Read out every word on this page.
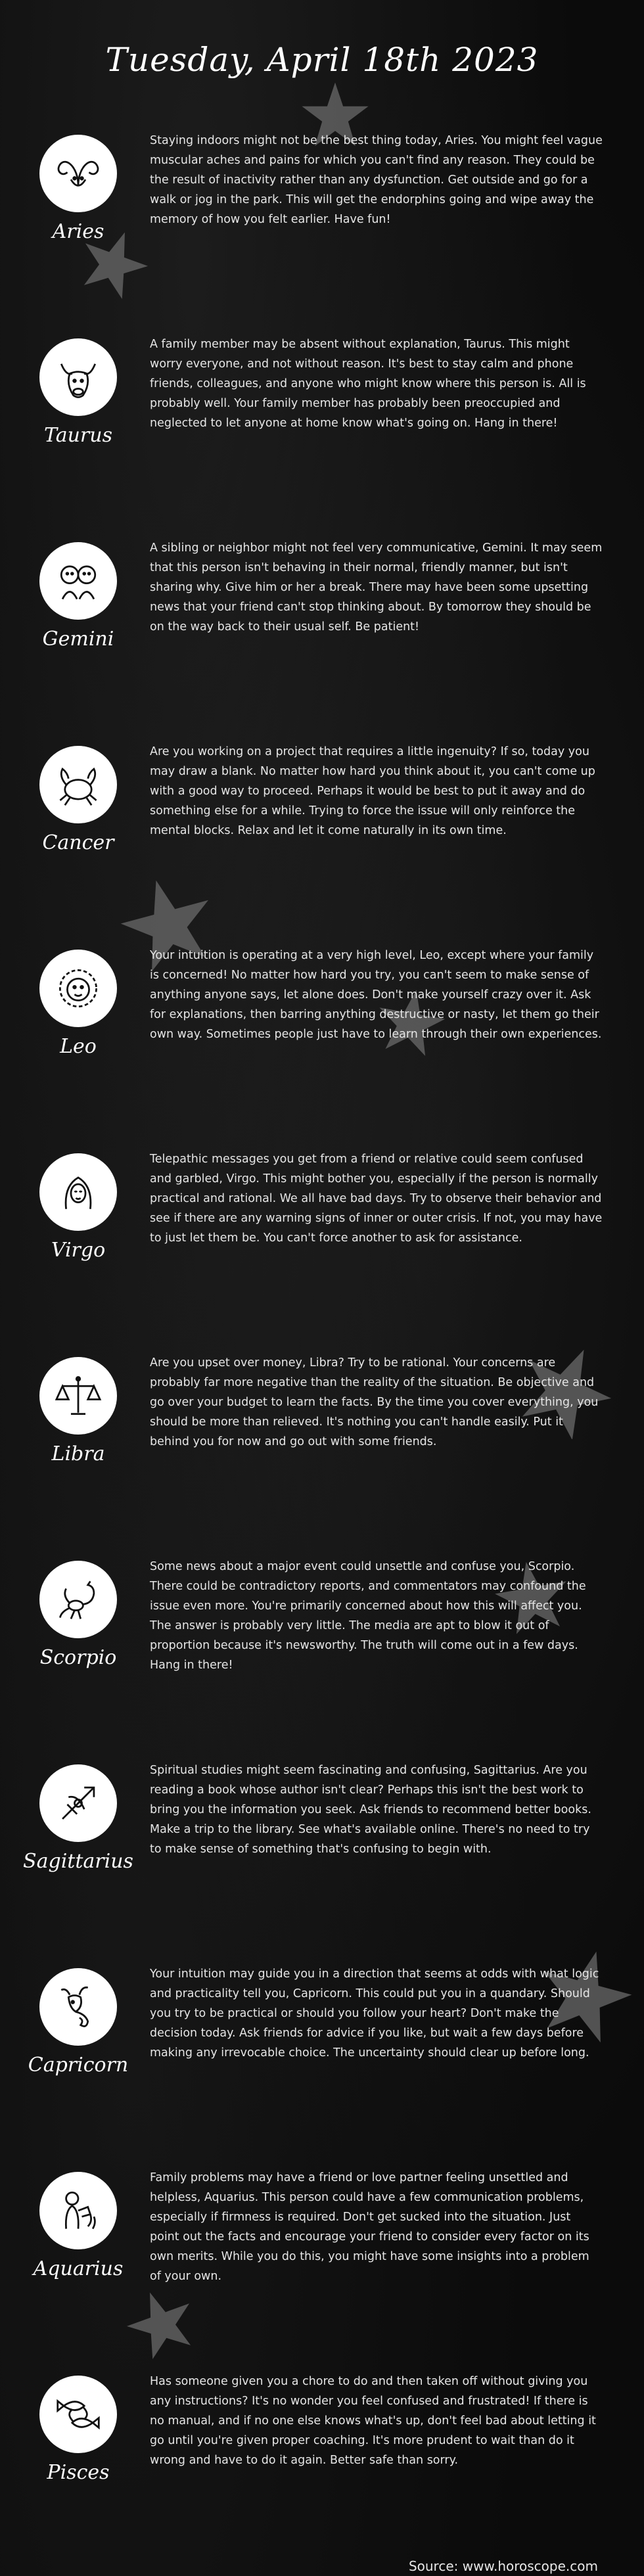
Tuesday, April 18th 2023
Aries
Staying indoors might not be the best thing today, Aries. You might feel vague muscular aches and pains for which you can't find any reason. They could be the result of inactivity rather than any dysfunction. Get outside and go for a walk or jog in the park. This will get the endorphins going and wipe away the memory of how you felt earlier. Have fun!
Taurus
A family member may be absent without explanation, Taurus. This might worry everyone, and not without reason. It's best to stay calm and phone friends, colleagues, and anyone who might know where this person is. All is probably well. Your family member has probably been preoccupied and neglected to let anyone at home know what's going on. Hang in there!
Gemini
A sibling or neighbor might not feel very communicative, Gemini. It may seem that this person isn't behaving in their normal, friendly manner, but isn't sharing why. Give him or her a break. There may have been some upsetting news that your friend can't stop thinking about. By tomorrow they should be on the way back to their usual self. Be patient!
Cancer
Are you working on a project that requires a little ingenuity? If so, today you may draw a blank. No matter how hard you think about it, you can't come up with a good way to proceed. Perhaps it would be best to put it away and do something else for a while. Trying to force the issue will only reinforce the mental blocks. Relax and let it come naturally in its own time.
Leo
Your intuition is operating at a very high level, Leo, except where your family is concerned! No matter how hard you try, you can't seem to make sense of anything anyone says, let alone does. Don't make yourself crazy over it. Ask for explanations, then barring anything destructive or nasty, let them go their own way. Sometimes people just have to learn through their own experiences.
Virgo
Telepathic messages you get from a friend or relative could seem confused and garbled, Virgo. This might bother you, especially if the person is normally practical and rational. We all have bad days. Try to observe their behavior and see if there are any warning signs of inner or outer crisis. If not, you may have to just let them be. You can't force another to ask for assistance.
Libra
Are you upset over money, Libra? Try to be rational. Your concerns are probably far more negative than the reality of the situation. Be objective and go over your budget to learn the facts. By the time you cover everything, you should be more than relieved. It's nothing you can't handle easily. Put it behind you for now and go out with some friends.
Scorpio
Some news about a major event could unsettle and confuse you, Scorpio. There could be contradictory reports, and commentators may confound the issue even more. You're primarily concerned about how this will affect you. The answer is probably very little. The media are apt to blow it out of proportion because it's newsworthy. The truth will come out in a few days. Hang in there!
Sagittarius
Spiritual studies might seem fascinating and confusing, Sagittarius. Are you reading a book whose author isn't clear? Perhaps this isn't the best work to bring you the information you seek. Ask friends to recommend better books. Make a trip to the library. See what's available online. There's no need to try to make sense of something that's confusing to begin with.
Capricorn
Your intuition may guide you in a direction that seems at odds with what logic and practicality tell you, Capricorn. This could put you in a quandary. Should you try to be practical or should you follow your heart? Don't make the decision today. Ask friends for advice if you like, but wait a few days before making any irrevocable choice. The uncertainty should clear up before long.
Aquarius
Family problems may have a friend or love partner feeling unsettled and helpless, Aquarius. This person could have a few communication problems, especially if firmness is required. Don't get sucked into the situation. Just point out the facts and encourage your friend to consider every factor on its own merits. While you do this, you might have some insights into a problem of your own.
Pisces
Has someone given you a chore to do and then taken off without giving you any instructions? It's no wonder you feel confused and frustrated! If there is no manual, and if no one else knows what's up, don't feel bad about letting it go until you're given proper coaching. It's more prudent to wait than do it wrong and have to do it again. Better safe than sorry.
Source: www.horoscope.com
